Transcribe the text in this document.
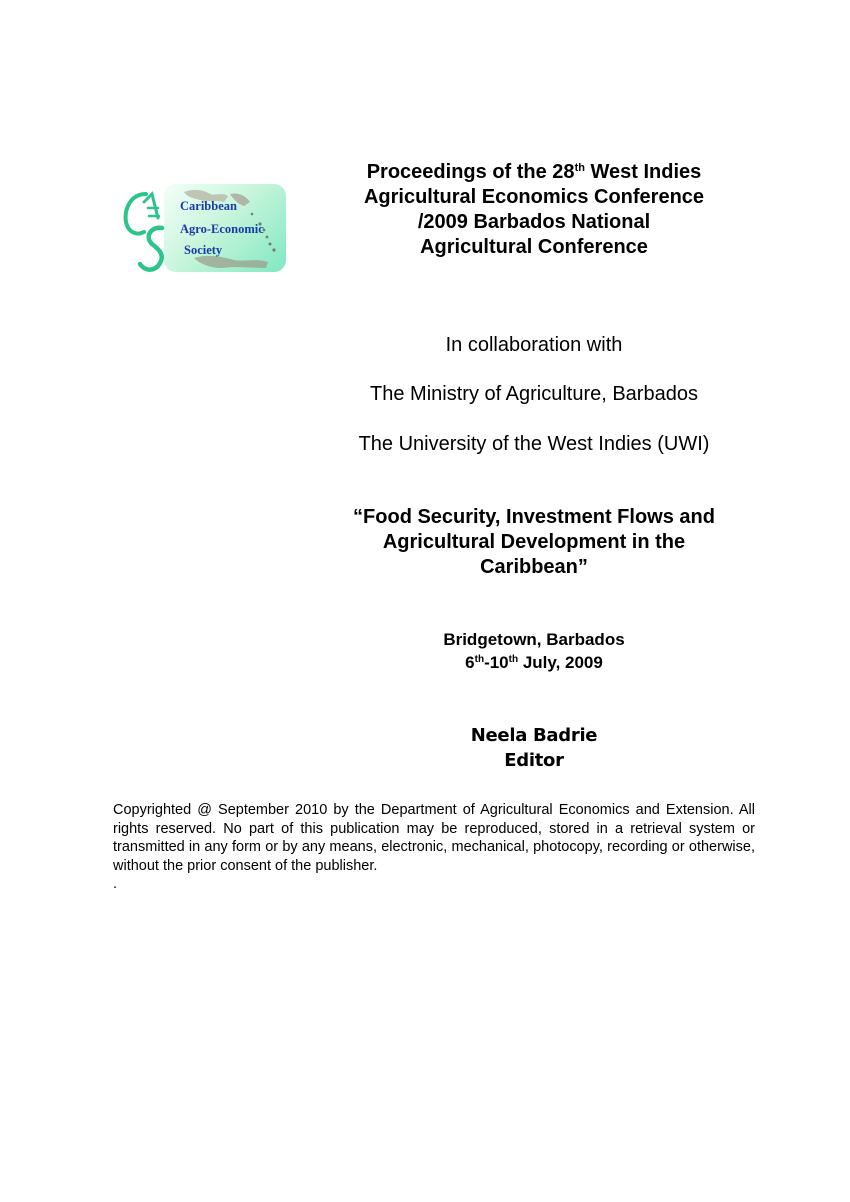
Caribbean
Agro-Economic
Society

Proceedings of the 28th West Indies

Agricultural Economics Conference

/2009 Barbados National

Agricultural Conference

In collaboration with
The Ministry of Agriculture, Barbados
The University of the West Indies (UWI)

“Food Security, Investment Flows and

Agricultural Development in the

Caribbean”

Bridgetown, Barbados
6th-10th July, 2009
Neela Badrie
Editor

Copyrighted @ September 2010 by the Department of Agricultural Economics and Extension. All rights reserved. No part of this publication may be reproduced, stored in a retrieval system or transmitted in any form or by any means, electronic, mechanical, photocopy, recording or otherwise, without the prior consent of the publisher.

.
